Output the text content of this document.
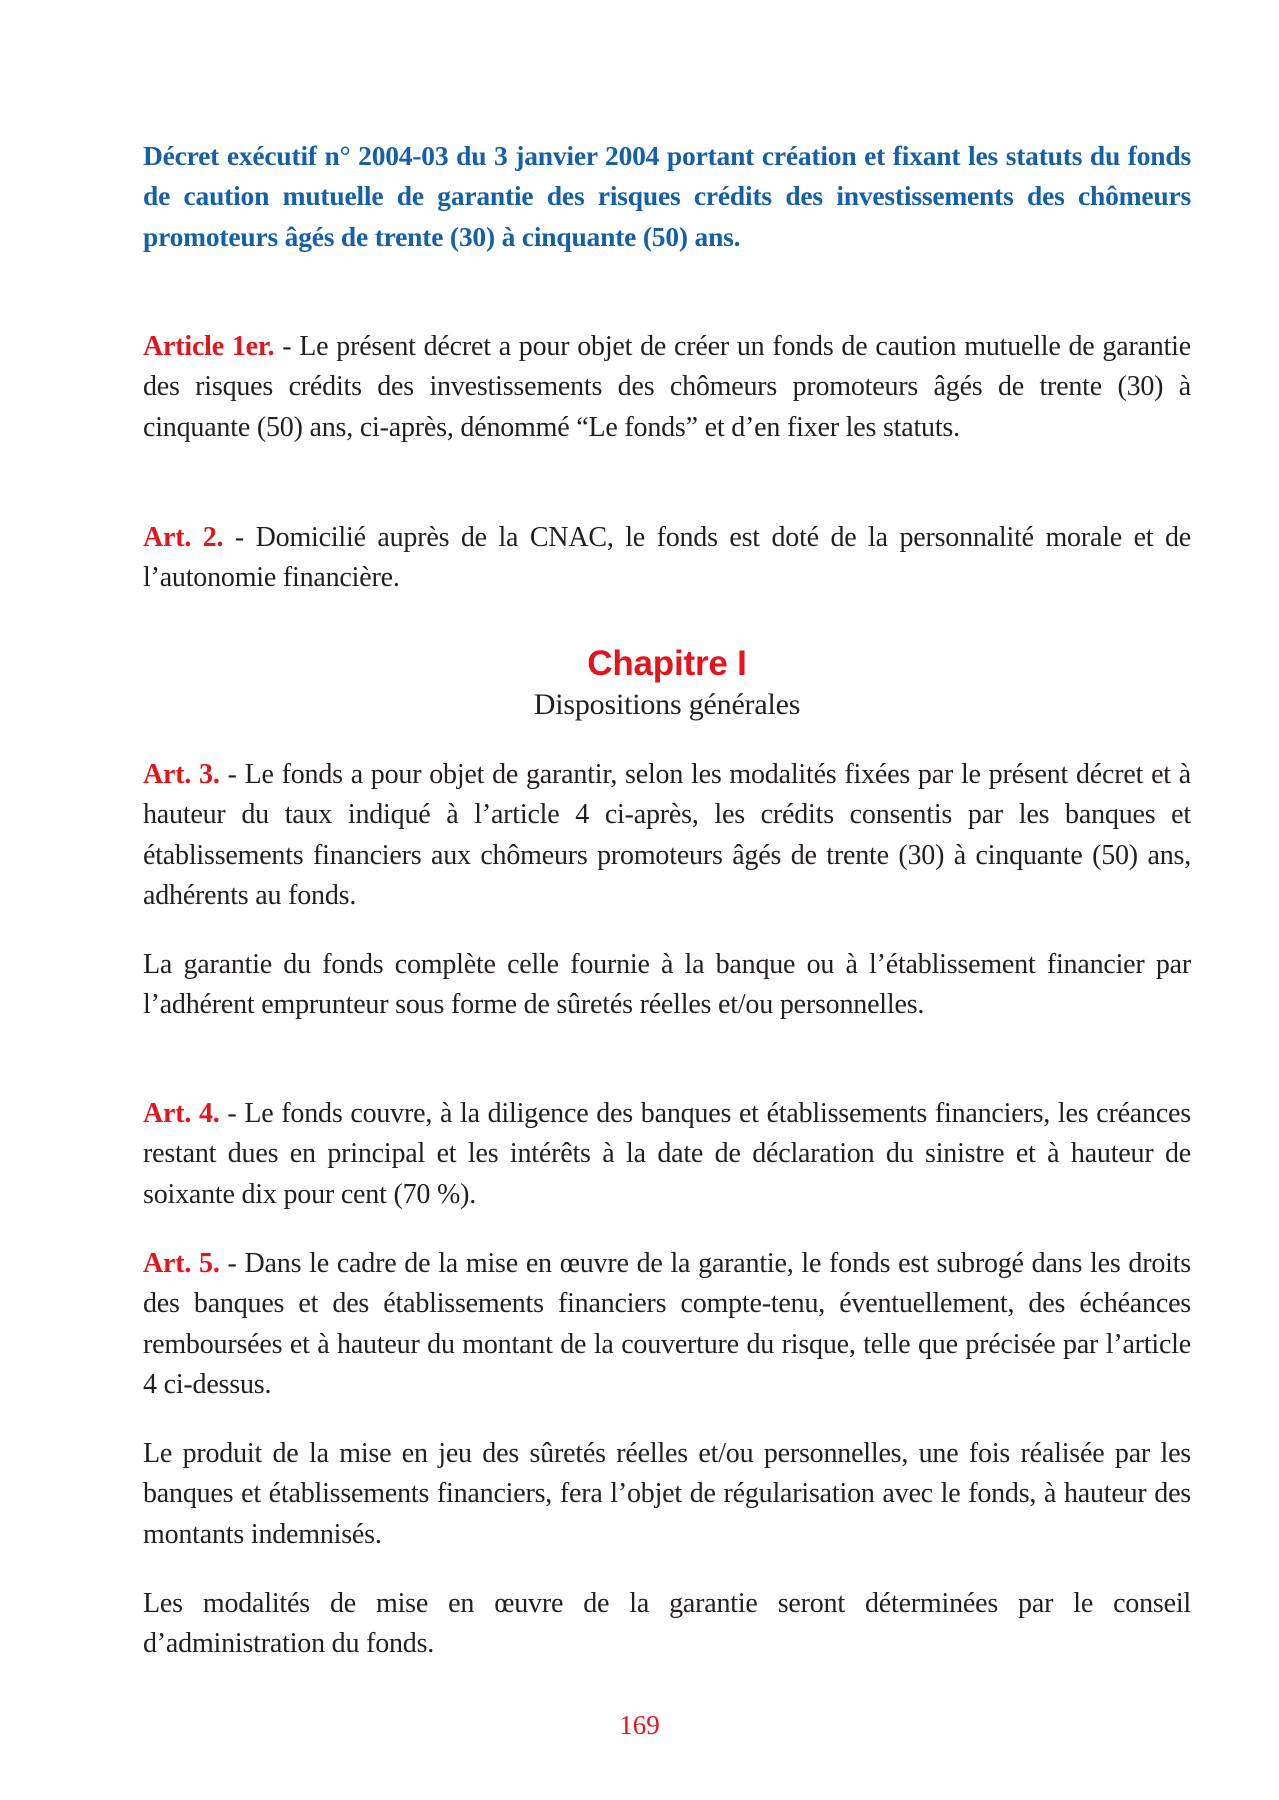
Décret exécutif n° 2004-03 du 3 janvier 2004 portant création et fixant les statuts du fonds de caution mutuelle de garantie des risques crédits des investissements des chômeurs promoteurs âgés de trente (30) à cinquante (50) ans.

Article 1er. - Le présent décret a pour objet de créer un fonds de caution mutuelle de garantie des risques crédits des investissements des chômeurs promoteurs âgés de trente (30) à cinquante (50) ans, ci-après, dénommé “Le fonds” et d’en fixer les statuts.

Art. 2. - Domicilié auprès de la CNAC, le fonds est doté de la personnalité morale et de l’autonomie financière.

Chapitre I
Dispositions générales

Art. 3. - Le fonds a pour objet de garantir, selon les modalités fixées par le présent décret et à hauteur du taux indiqué à l’article 4 ci-après, les crédits consentis par les banques et établissements financiers aux chômeurs promoteurs âgés de trente (30) à cinquante (50) ans, adhérents au fonds.

La garantie du fonds complète celle fournie à la banque ou à l’établissement financier par l’adhérent emprunteur sous forme de sûretés réelles et/ou personnelles.

Art. 4. - Le fonds couvre, à la diligence des banques et établissements financiers, les créances restant dues en principal et les intérêts à la date de déclaration du sinistre et à hauteur de soixante dix pour cent (70 %).

Art. 5. - Dans le cadre de la mise en œuvre de la garantie, le fonds est subrogé dans les droits des banques et des établissements financiers compte-tenu, éventuellement, des échéances remboursées et à hauteur du montant de la couverture du risque, telle que précisée par l’article 4 ci-dessus.

Le produit de la mise en jeu des sûretés réelles et/ou personnelles, une fois réalisée par les banques et établissements financiers, fera l’objet de régularisation avec le fonds, à hauteur des montants indemnisés.

Les modalités de mise en œuvre de la garantie seront déterminées par le conseil d’administration du fonds.

169
